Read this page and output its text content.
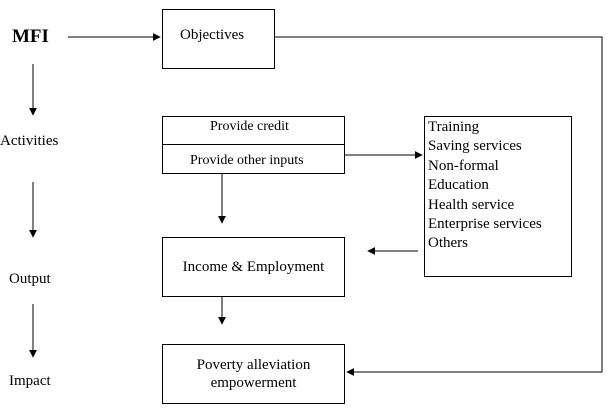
MFI
Activities
Output
Impact
Objectives
Provide credit
Provide other inputs
Training
Saving services
Non-formal
Education
Health service
Enterprise services
Others
Income & Employment
Poverty alleviation
empowerment
